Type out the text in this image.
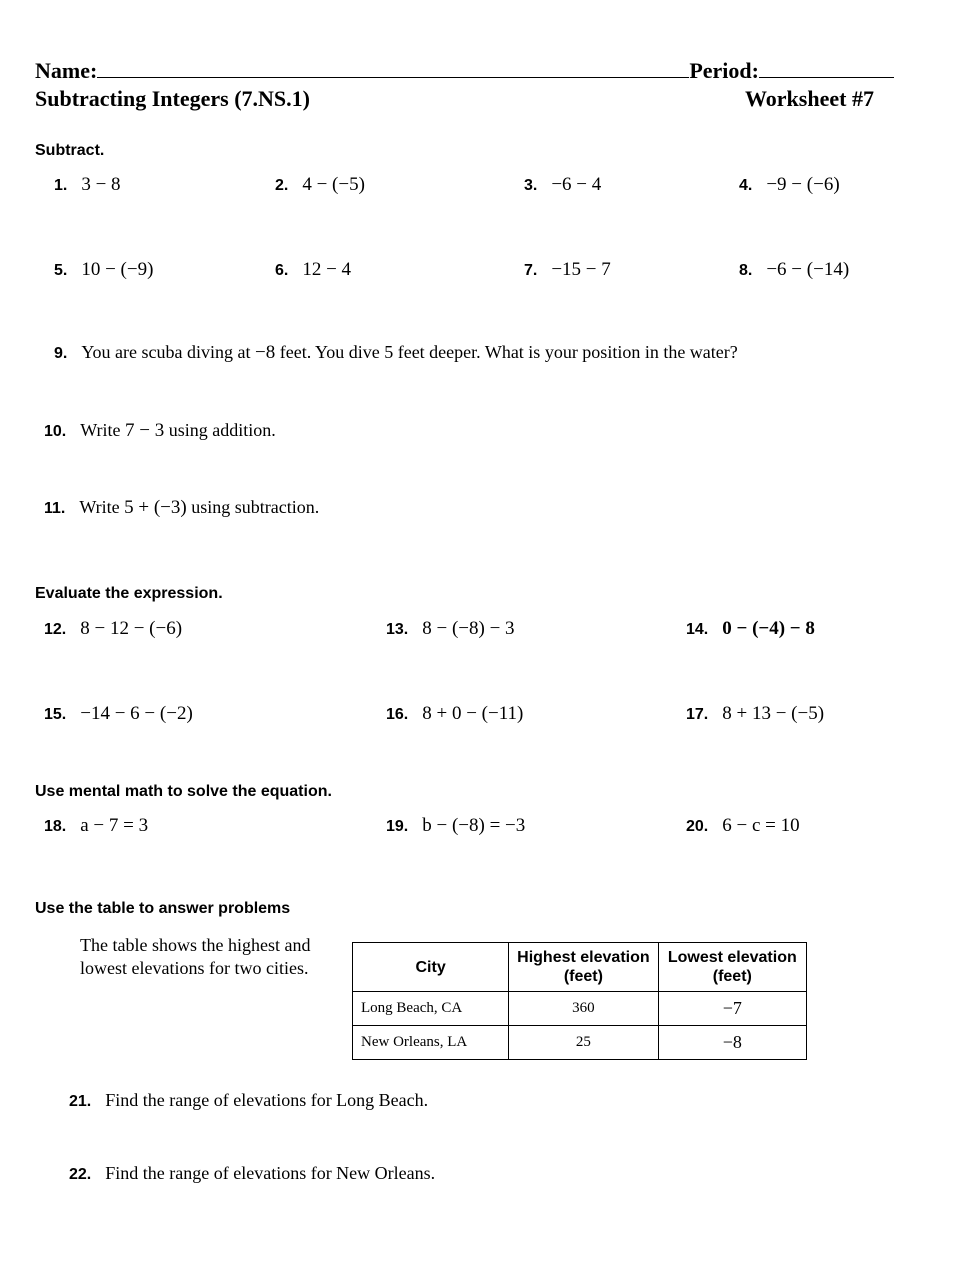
Name:	Period:
Subtracting Integers (7.NS.1)	Worksheet #7
Subtract.
1. 3 − 8	2. 4 − (−5)	3. −6 − 4	4. −9 − (−6)
5. 10 − (−9)	6. 12 − 4	7. −15 − 7	8. −6 − (−14)
9. You are scuba diving at −8 feet. You dive 5 feet deeper. What is your position in the water?
10. Write 7 − 3 using addition.
11. Write 5 + (−3) using subtraction.
Evaluate the expression.
12. 8 − 12 − (−6)	13. 8 − (−8) − 3	14. 0 − (−4) − 8
15. −14 − 6 − (−2)	16. 8 + 0 − (−11)	17. 8 + 13 − (−5)
Use mental math to solve the equation.
18. a − 7 = 3	19. b − (−8) = −3	20. 6 − c = 10
Use the table to answer problems
The table shows the highest and lowest elevations for two cities.	City	Highest elevation (feet)	Lowest elevation (feet)
Long Beach, CA	360	−7
New Orleans, LA	25	−8
21. Find the range of elevations for Long Beach.
22. Find the range of elevations for New Orleans.
